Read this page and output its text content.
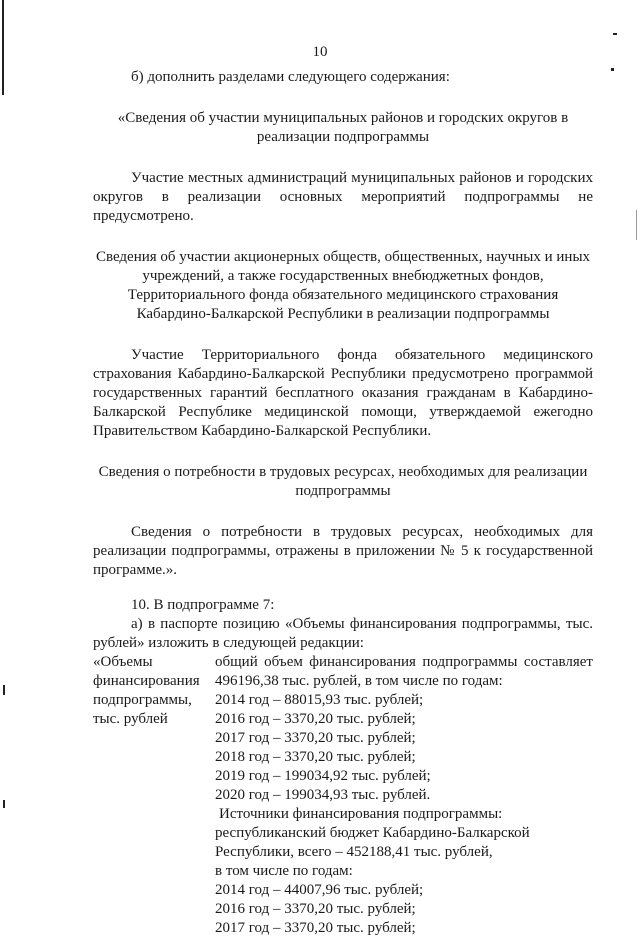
10

б) дополнить разделами следующего содержания:

«Сведения об участии муниципальных районов и городских округов в реализации подпрограммы

Участие местных администраций муниципальных районов и городских округов в реализации основных мероприятий подпрограммы не предусмотрено.

Сведения об участии акционерных обществ, общественных, научных и иных учреждений, а также государственных внебюджетных фондов, Территориального фонда обязательного медицинского страхования Кабардино-Балкарской Республики в реализации подпрограммы

Участие Территориального фонда обязательного медицинского страхования Кабардино-Балкарской Республики предусмотрено программой государственных гарантий бесплатного оказания гражданам в Кабардино-Балкарской Республике медицинской помощи, утверждаемой ежегодно Правительством Кабардино-Балкарской Республики.

Сведения о потребности в трудовых ресурсах, необходимых для реализации подпрограммы

Сведения о потребности в трудовых ресурсах, необходимых для реализации подпрограммы, отражены в приложении № 5 к государственной программе.».

10. В подпрограмме 7:

а) в паспорте позицию «Объемы финансирования подпрограммы, тыс. рублей» изложить в следующей редакции:

«Объемы финансирования подпрограммы, тыс. рублей
общий объем финансирования подпрограммы составляет 496196,38 тыс. рублей, в том числе по годам:
2014 год – 88015,93 тыс. рублей;
2016 год – 3370,20 тыс. рублей;
2017 год – 3370,20 тыс. рублей;
2018 год – 3370,20 тыс. рублей;
2019 год – 199034,92 тыс. рублей;
2020 год – 199034,93 тыс. рублей.
Источники финансирования подпрограммы:
республиканский бюджет Кабардино-Балкарской Республики, всего – 452188,41 тыс. рублей,
в том числе по годам:
2014 год – 44007,96 тыс. рублей;
2016 год – 3370,20 тыс. рублей;
2017 год – 3370,20 тыс. рублей;
